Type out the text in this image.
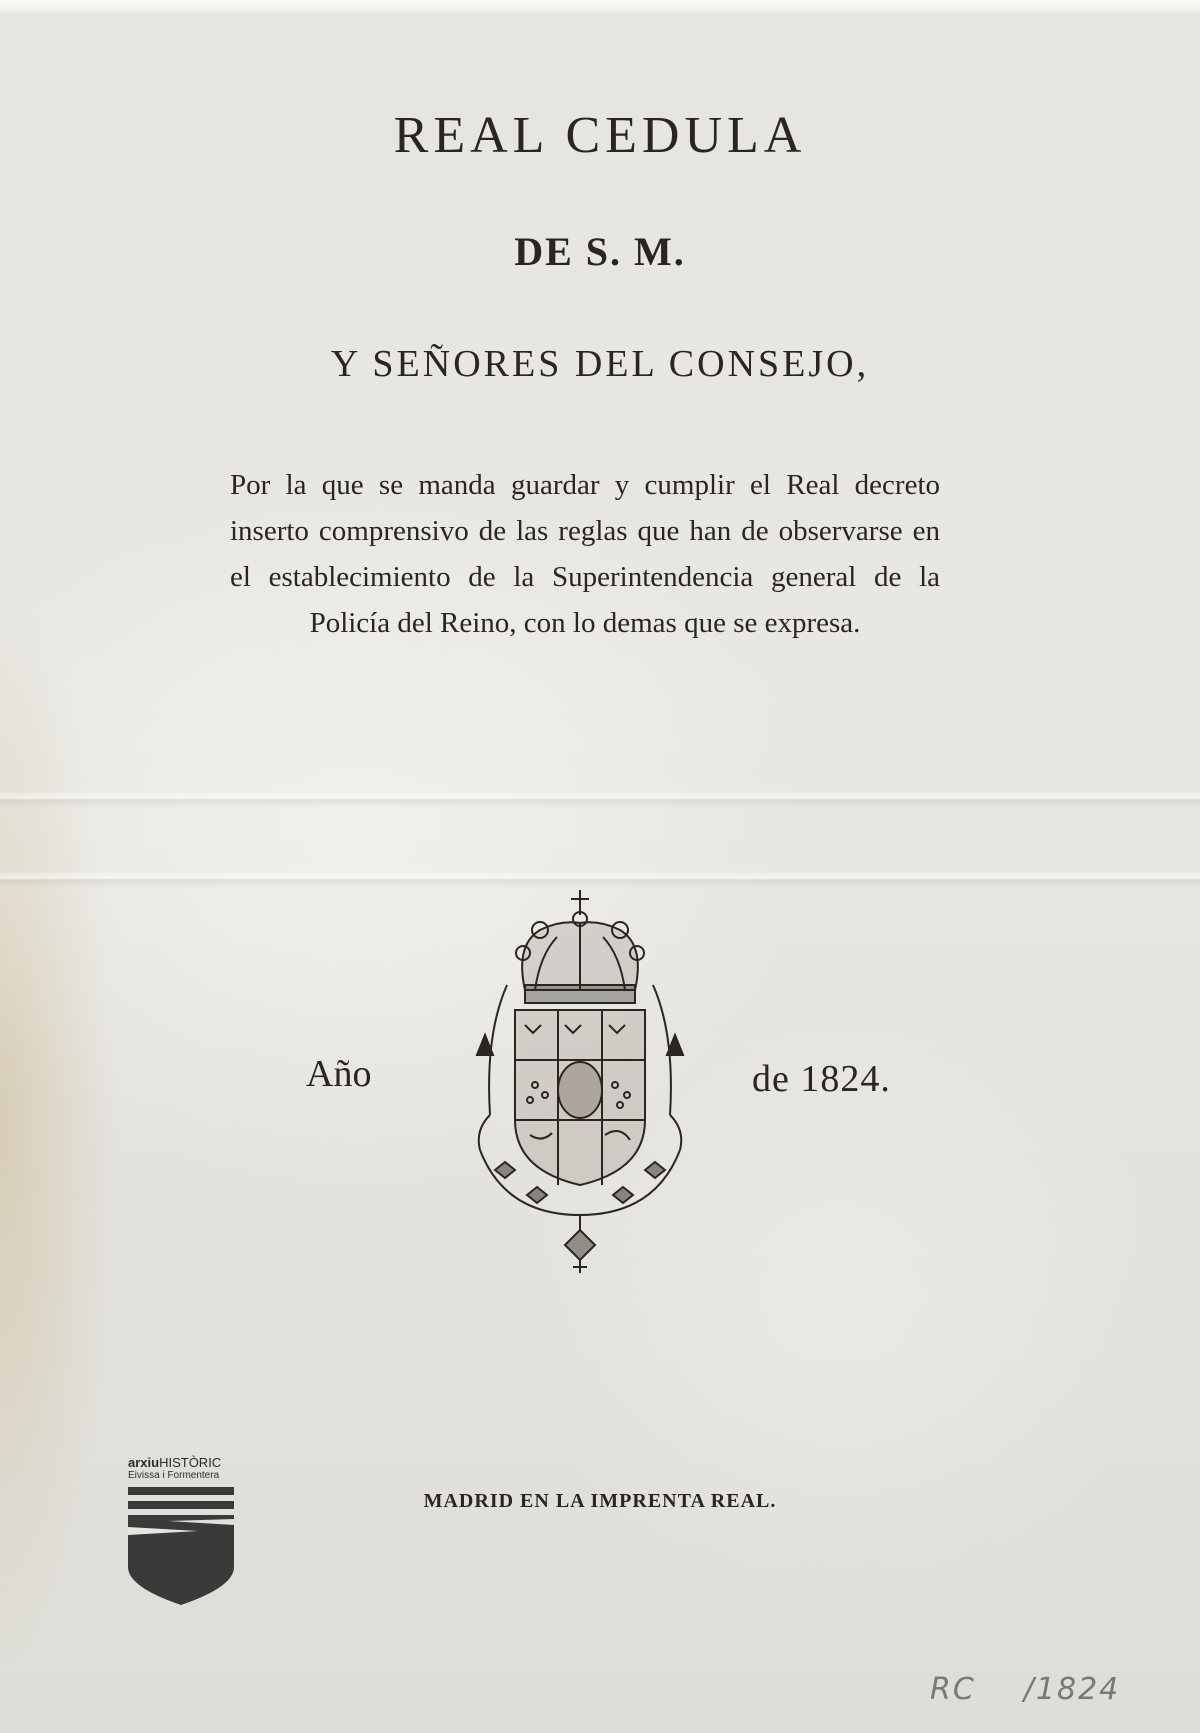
REAL CEDULA
DE S. M.
Y SEÑORES DEL CONSEJO,
Por la que se manda guardar y cumplir el Real decreto inserto comprensivo de las reglas que han de observarse en el establecimiento de la Superintendencia general de la Policía del Reino, con lo demas que se expresa.
Año	de 1824.
MADRID EN LA IMPRENTA REAL.
arxiuHISTÒRIC
Eivissa i Formentera
RC /1824
